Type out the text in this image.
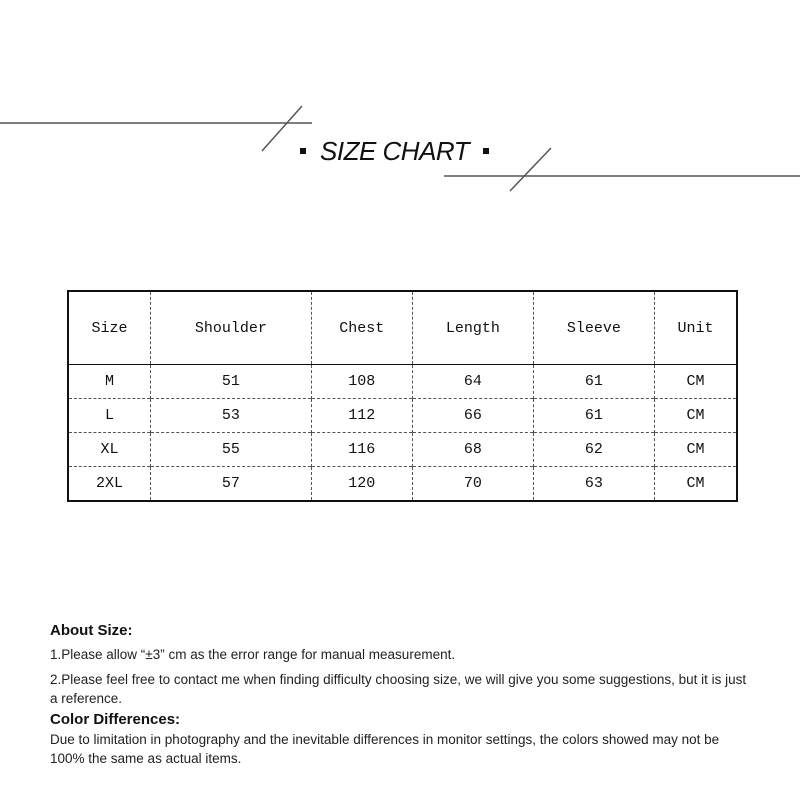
SIZE CHART
Size	Shoulder	Chest	Length	Sleeve	Unit
M	51	108	64	61	CM
L	53	112	66	61	CM
XL	55	116	68	62	CM
2XL	57	120	70	63	CM
About Size:

1.Please allow “±3” cm as the error range for manual measurement.

2.Please feel free to contact me when finding difficulty choosing size, we will give you some suggestions, but it is just a reference.

Color Differences:

Due to limitation in photography and the inevitable differences in monitor settings, the colors showed may not be 100% the same as actual items.
